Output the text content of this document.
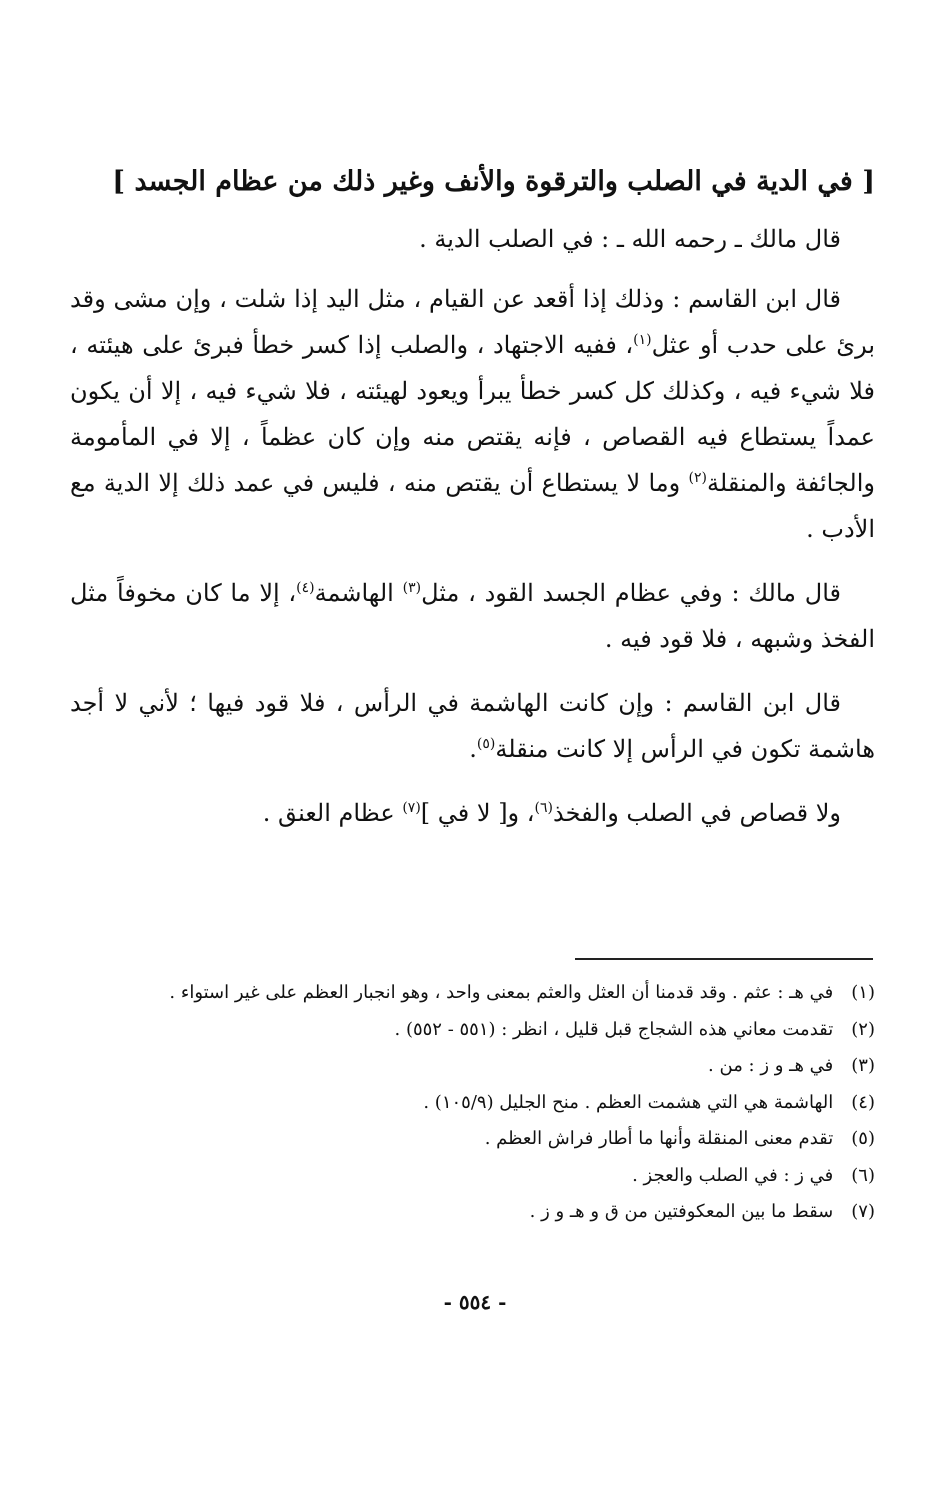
[ في الدية في الصلب والترقوة والأنف وغير ذلك من عظام الجسد ]

قال مالك ـ رحمه الله ـ : في الصلب الدية .

قال ابن القاسم : وذلك إذا أقعد عن القيام ، مثل اليد إذا شلت ، وإن مشى وقد برئ على حدب أو عثل$^{(١)}$، ففيه الاجتهاد ، والصلب إذا كسر خطأ فبرئ على هيئته ، فلا شيء فيه ، وكذلك كل كسر خطأ يبرأ ويعود لهيئته ، فلا شيء فيه ، إلا أن يكون عمداً يستطاع فيه القصاص ، فإنه يقتص منه وإن كان عظماً ، إلا في المأمومة والجائفة والمنقلة$^{(٢)}$ وما لا يستطاع أن يقتص منه ، فليس في عمد ذلك إلا الدية مع الأدب .

قال مالك : وفي عظام الجسد القود ، مثل$^{(٣)}$ الهاشمة$^{(٤)}$، إلا ما كان مخوفاً مثل الفخذ وشبهه ، فلا قود فيه .

قال ابن القاسم : وإن كانت الهاشمة في الرأس ، فلا قود فيها ؛ لأني لا أجد هاشمة تكون في الرأس إلا كانت منقلة$^{(٥)}$.

ولا قصاص في الصلب والفخذ$^{(٦)}$، و[ لا في ]$^{(٧)}$ عظام العنق .

(١) في هـ : عثم . وقد قدمنا أن العثل والعثم بمعنى واحد ، وهو انجبار العظم على غير استواء .
(٢) تقدمت معاني هذه الشجاج قبل قليل ، انظر : (٥٥١ - ٥٥٢) .
(٣) في هـ و ز : من .
(٤) الهاشمة هي التي هشمت العظم . منح الجليل (١٠٥/٩) .
(٥) تقدم معنى المنقلة وأنها ما أطار فراش العظم .
(٦) في ز : في الصلب والعجز .
(٧) سقط ما بين المعكوفتين من ق و هـ و ز .
- ٥٥٤ -
